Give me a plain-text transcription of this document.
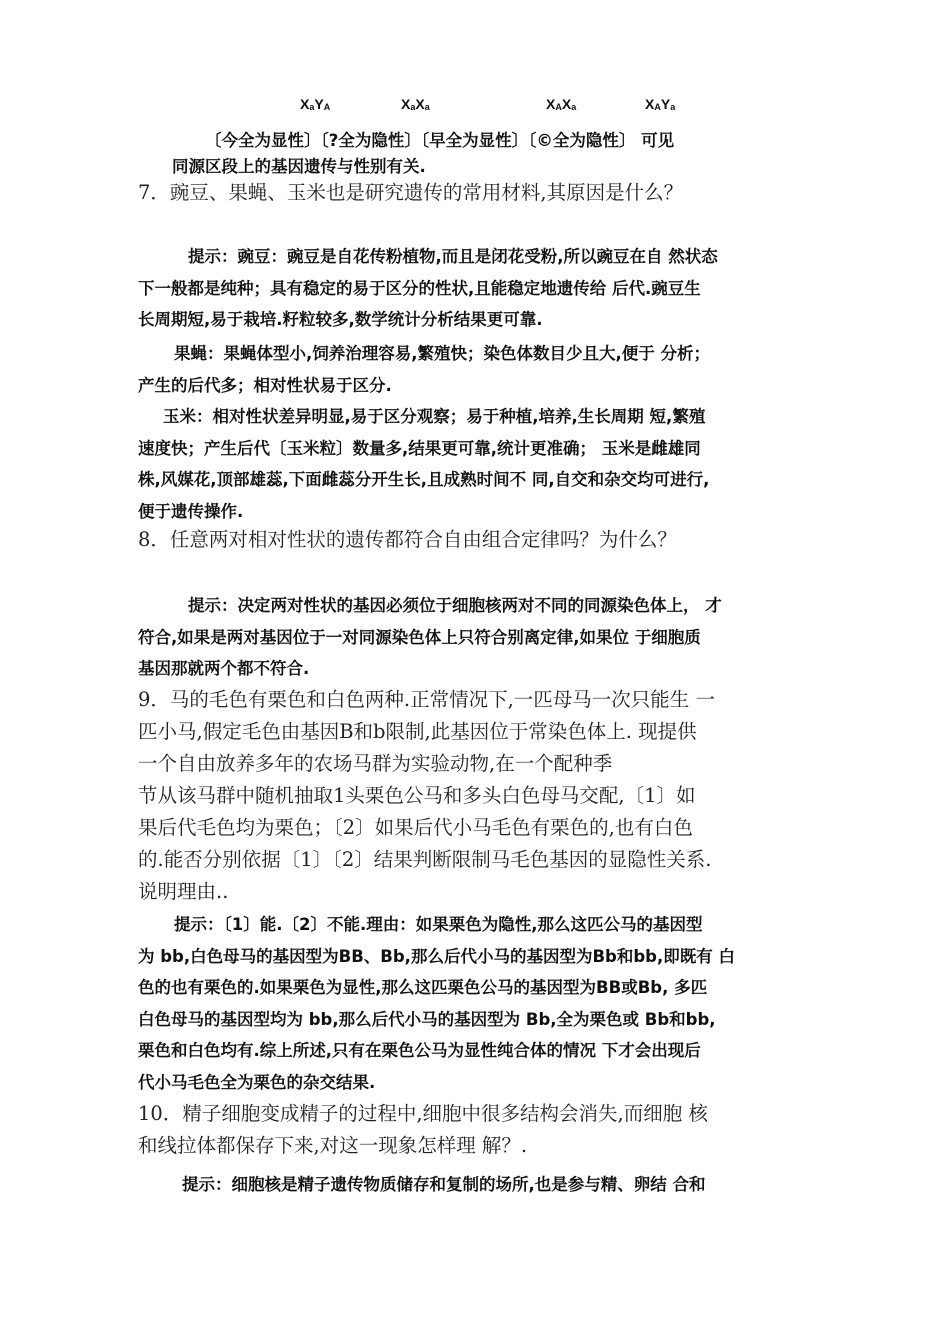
$X_aY_A$	$X_aX_a$	$X_AX_a$	$X_AY_a$
〔今全为显性〕〔?全为隐性〕〔早全为显性〕〔©全为隐性〕 可见
同源区段上的基因遗传与性别有关.
7．豌豆、果蝇、玉米也是研究遗传的常用材料,其原因是什么？
提示：豌豆：豌豆是自花传粉植物,而且是闭花受粉,所以豌豆在自 然状态
下一般都是纯种；具有稳定的易于区分的性状,且能稳定地遗传给 后代.豌豆生
长周期短,易于栽培.籽粒较多,数学统计分析结果更可靠.
果蝇：果蝇体型小,饲养治理容易,繁殖快；染色体数目少且大,便于 分析；
产生的后代多；相对性状易于区分.
玉米：相对性状差异明显,易于区分观察；易于种植,培养,生长周期 短,繁殖
速度快；产生后代〔玉米粒〕数量多,结果更可靠,统计更准确； 玉米是雌雄同
株,风媒花,顶部雄蕊,下面雌蕊分开生长,且成熟时间不 同,自交和杂交均可进行,
便于遗传操作.
8．任意两对相对性状的遗传都符合自由组合定律吗？为什么？
提示：决定两对性状的基因必须位于细胞核两对不同的同源染色体上， 才
符合,如果是两对基因位于一对同源染色体上只符合别离定律,如果位 于细胞质
基因那就两个都不符合.
9．马的毛色有栗色和白色两种.正常情况下,一匹母马一次只能生 一
匹小马,假定毛色由基因B和b限制,此基因位于常染色体上. 现提供
一个自由放养多年的农场马群为实验动物,在一个配种季
节从该马群中随机抽取1头栗色公马和多头白色母马交配,〔1〕如
果后代毛色均为栗色；〔2〕如果后代小马毛色有栗色的,也有白色
的.能否分别依据〔1〕〔2〕结果判断限制马毛色基因的显隐性关系.
说明理由..
提示：〔1〕能.〔2〕不能.理由：如果栗色为隐性,那么这匹公马的基因型
为 bb,白色母马的基因型为BB、Bb,那么后代小马的基因型为Bb和bb,即既有 白
色的也有栗色的.如果栗色为显性,那么这匹栗色公马的基因型为BB或Bb, 多匹
白色母马的基因型均为 bb,那么后代小马的基因型为 Bb,全为栗色或 Bb和bb,
栗色和白色均有.综上所述,只有在栗色公马为显性纯合体的情况 下才会出现后
代小马毛色全为栗色的杂交结果.
10．精子细胞变成精子的过程中,细胞中很多结构会消失,而细胞 核
和线拉体都保存下来,对这一现象怎样理 解？.
提示：细胞核是精子遗传物质储存和复制的场所,也是参与精、卵结 合和
